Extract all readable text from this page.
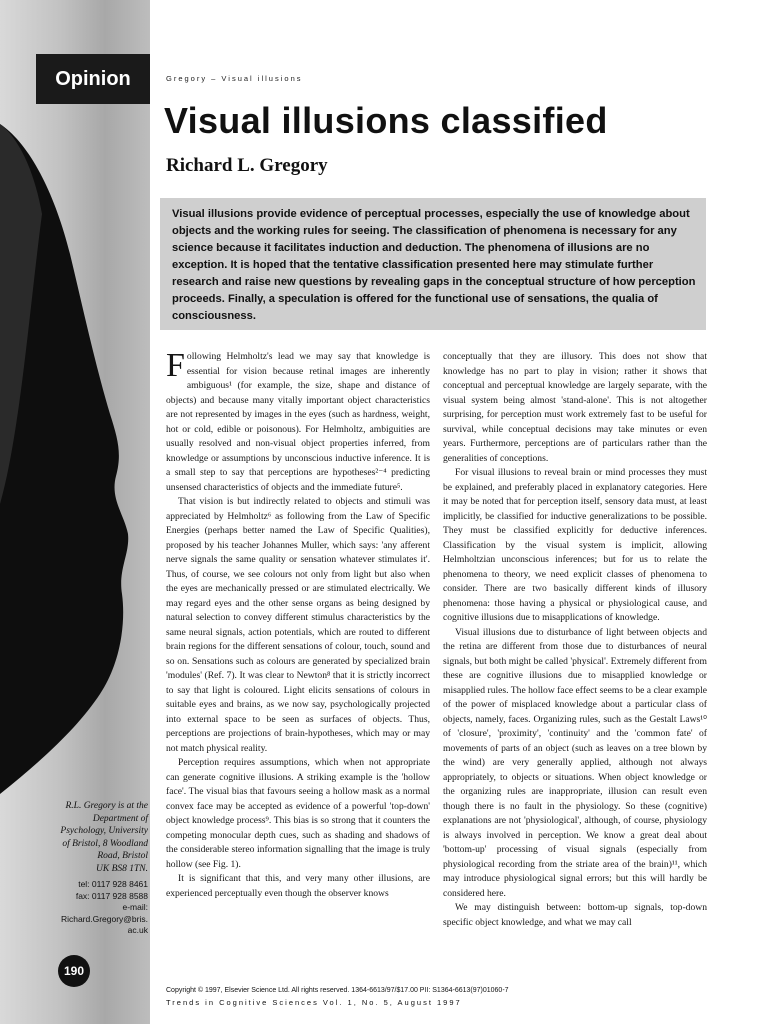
Opinion
R.L. Gregory is at the
Department of
Psychology, University
of Bristol, 8 Woodland
Road, Bristol
UK BS8 1TN.
tel: 0117 928 8461
fax: 0117 928 8588
e-mail:
Richard.Gregory@bris.
ac.uk
190
Gregory – Visual illusions
Visual illusions classified
Richard L. Gregory
Visual illusions provide evidence of perceptual processes, especially the use of knowledge about objects and the working rules for seeing. The classification of phenomena is necessary for any science because it facilitates induction and deduction. The phenomena of illusions are no exception. It is hoped that the tentative classification presented here may stimulate further research and raise new questions by revealing gaps in the conceptual structure of how perception proceeds. Finally, a speculation is offered for the functional use of sensations, the qualia of consciousness.

Following Helmholtz's lead we may say that knowledge is essential for vision because retinal images are inherently ambiguous¹ (for example, the size, shape and distance of objects) and because many vitally important object characteristics are not represented by images in the eyes (such as hardness, weight, hot or cold, edible or poisonous). For Helmholtz, ambiguities are usually resolved and non-visual object properties inferred, from knowledge or assumptions by unconscious inductive inference. It is a small step to say that perceptions are hypotheses²⁻⁴ predicting unsensed characteristics of objects and the immediate future⁵.

That vision is but indirectly related to objects and stimuli was appreciated by Helmholtz⁶ as following from the Law of Specific Energies (perhaps better named the Law of Specific Qualities), proposed by his teacher Johannes Muller, which says: 'any afferent nerve signals the same quality or sensation whatever stimulates it'. Thus, of course, we see colours not only from light but also when the eyes are mechanically pressed or are stimulated electrically. We may regard eyes and the other sense organs as being designed by natural selection to convey different stimulus characteristics by the same neural signals, action potentials, which are routed to different brain regions for the different sensations of colour, touch, sound and so on. Sensations such as colours are generated by specialized brain 'modules' (Ref. 7). It was clear to Newton⁸ that it is strictly incorrect to say that light is coloured. Light elicits sensations of colours in suitable eyes and brains, as we now say, psychologically projected into external space to be seen as surfaces of objects. Thus, perceptions are projections of brain-hypotheses, which may or may not match physical reality.

Perception requires assumptions, which when not appropriate can generate cognitive illusions. A striking example is the 'hollow face'. The visual bias that favours seeing a hollow mask as a normal convex face may be accepted as evidence of a powerful 'top-down' object knowledge process⁹. This bias is so strong that it counters the competing monocular depth cues, such as shading and shadows of the considerable stereo information signalling that the image is truly hollow (see Fig. 1).

It is significant that this, and very many other illusions, are experienced perceptually even though the observer knows

conceptually that they are illusory. This does not show that knowledge has no part to play in vision; rather it shows that conceptual and perceptual knowledge are largely separate, with the visual system being almost 'stand-alone'. This is not altogether surprising, for perception must work extremely fast to be useful for survival, while conceptual decisions may take minutes or even years. Furthermore, perceptions are of particulars rather than the generalities of conceptions.

For visual illusions to reveal brain or mind processes they must be explained, and preferably placed in explanatory categories. Here it may be noted that for perception itself, sensory data must, at least implicitly, be classified for inductive generalizations to be possible. They must be classified explicitly for deductive inferences. Classification by the visual system is implicit, allowing Helmholtzian unconscious inferences; but for us to relate the phenomena to theory, we need explicit classes of phenomena to consider. There are two basically different kinds of illusory phenomena: those having a physical or physiological cause, and cognitive illusions due to misapplications of knowledge.

Visual illusions due to disturbance of light between objects and the retina are different from those due to disturbances of neural signals, but both might be called 'physical'. Extremely different from these are cognitive illusions due to misapplied knowledge or misapplied rules. The hollow face effect seems to be a clear example of the power of misplaced knowledge about a particular class of objects, namely, faces. Organizing rules, such as the Gestalt Laws¹⁰ of 'closure', 'proximity', 'continuity' and the 'common fate' of movements of parts of an object (such as leaves on a tree blown by the wind) are very generally applied, although not always appropriately, to objects or situations. When object knowledge or the organizing rules are inappropriate, illusion can result even though there is no fault in the physiology. So these (cognitive) explanations are not 'physiological', although, of course, physiology is always involved in perception. We know a great deal about 'bottom-up' processing of visual signals (especially from physiological recording from the striate area of the brain)¹¹, which may introduce physiological signal errors; but this will hardly be considered here.

We may distinguish between: bottom-up signals, top-down specific object knowledge, and what we may call

Copyright © 1997, Elsevier Science Ltd. All rights reserved. 1364-6613/97/$17.00 PII: S1364-6613(97)01060-7
Trends in Cognitive Sciences Vol. 1, No. 5, August 1997
